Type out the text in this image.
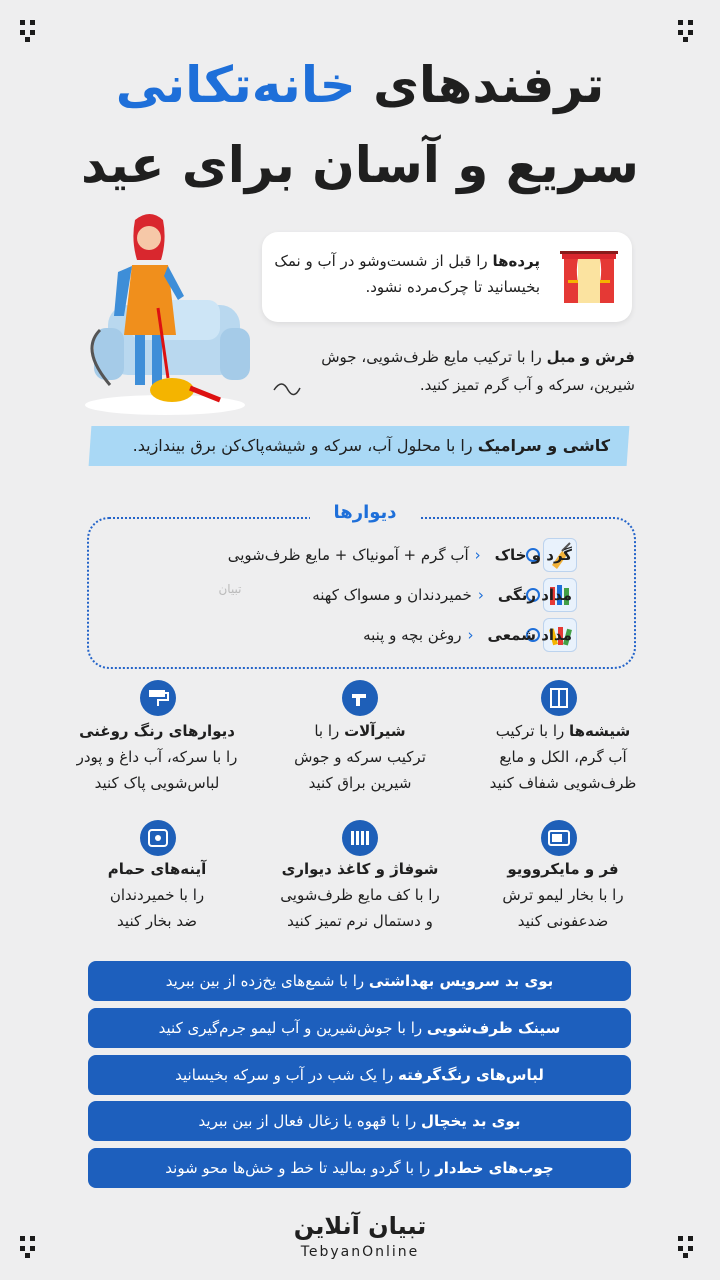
ترفندهای خانه‌تکانی
سریع و آسان برای عید
پرده‌ها را قبل از شست‌وشو در آب و نمک بخیسانید تا چرک‌مرده نشود.
فرش و مبل را با ترکیب مایع ظرف‌شویی، جوش شیرین، سرکه و آب گرم تمیز کنید.
کاشی و سرامیک را با محلول آب، سرکه و شیشه‌پاک‌کن برق بیندازید.
دیوارها
گرد و خاک
‹
آب گرم + آمونیاک + مایع ظرف‌شویی
مداد رنگی
‹
خمیردندان و مسواک کهنه
مداد شمعی
‹
روغن بچه و پنبه
تبیان
شیشه‌ها را با ترکیب
آب گرم، الکل و مایع
ظرف‌شویی شفاف کنید
شیرآلات را با
ترکیب سرکه و جوش
شیرین براق کنید
دیوارهای رنگ روغنی
را با سرکه، آب داغ و پودر
لباس‌شویی پاک کنید
فر و مایکروویو
را با بخار لیمو ترش
ضدعفونی کنید
شوفاژ و کاغذ دیواری
را با کف مایع ظرف‌شویی
و دستمال نرم تمیز کنید
آینه‌های حمام
را با خمیردندان
ضد بخار کنید
بوی بد سرویس بهداشتی را با شمع‌های یخ‌زده از بین ببرید
سینک ظرف‌شویی را با جوش‌شیرین و آب لیمو جرم‌گیری کنید
لباس‌های رنگ‌گرفته را یک شب در آب و سرکه بخیسانید
بوی بد یخچال را با قهوه یا زغال فعال از بین ببرید
چوب‌های خط‌دار را با گردو بمالید تا خط و خش‌ها محو شوند
تبیان آنلاین
TebyanOnline
